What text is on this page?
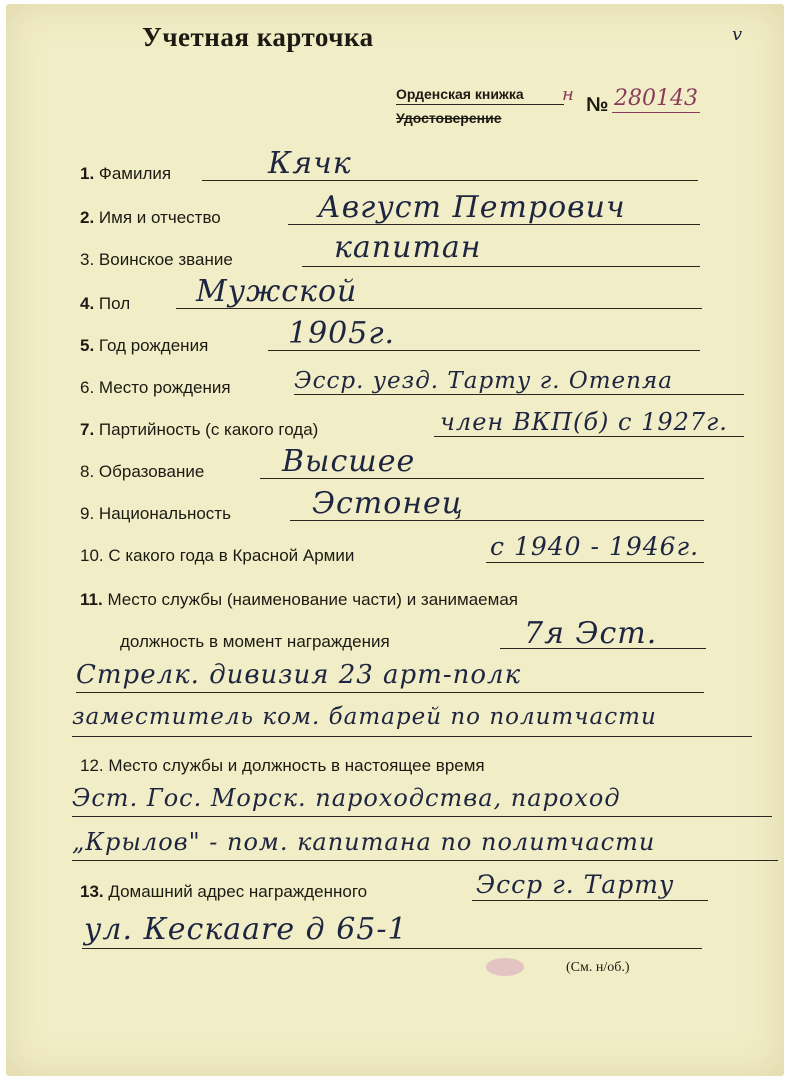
Учетная карточка	v
Орденская книжка н
Удостоверение
№ 280143
1. Фамилия	Кячк
2. Имя и отчество	Август Петрович
3. Воинское звание	капитан
4. Пол Мужской
5. Год рождения	1905г.
6. Место рождения	Эсср. уезд. Тарту г. Отепяа
7. Партийность (с какого года)	член ВКП(б) с 1927г.
8. Образование	Высшее
9. Национальность	Эстонец
10. С какого года в Красной Армии	с 1940 - 1946г.
11. Место службы (наименование части) и занимаемая
должность в момент награждения	7я Эст.
Стрелк. дивизия 23 арт-полк
заместитель ком. батарей по политчасти
12. Место службы и должность в настоящее время
Эст. Гос. Морск. пароходства, пароход
„Крылов" - пом. капитана по политчасти
13. Домашний адрес награжденного	Эсср г. Тарту
ул. Кескаare д 65-1
(См. н/об.)
